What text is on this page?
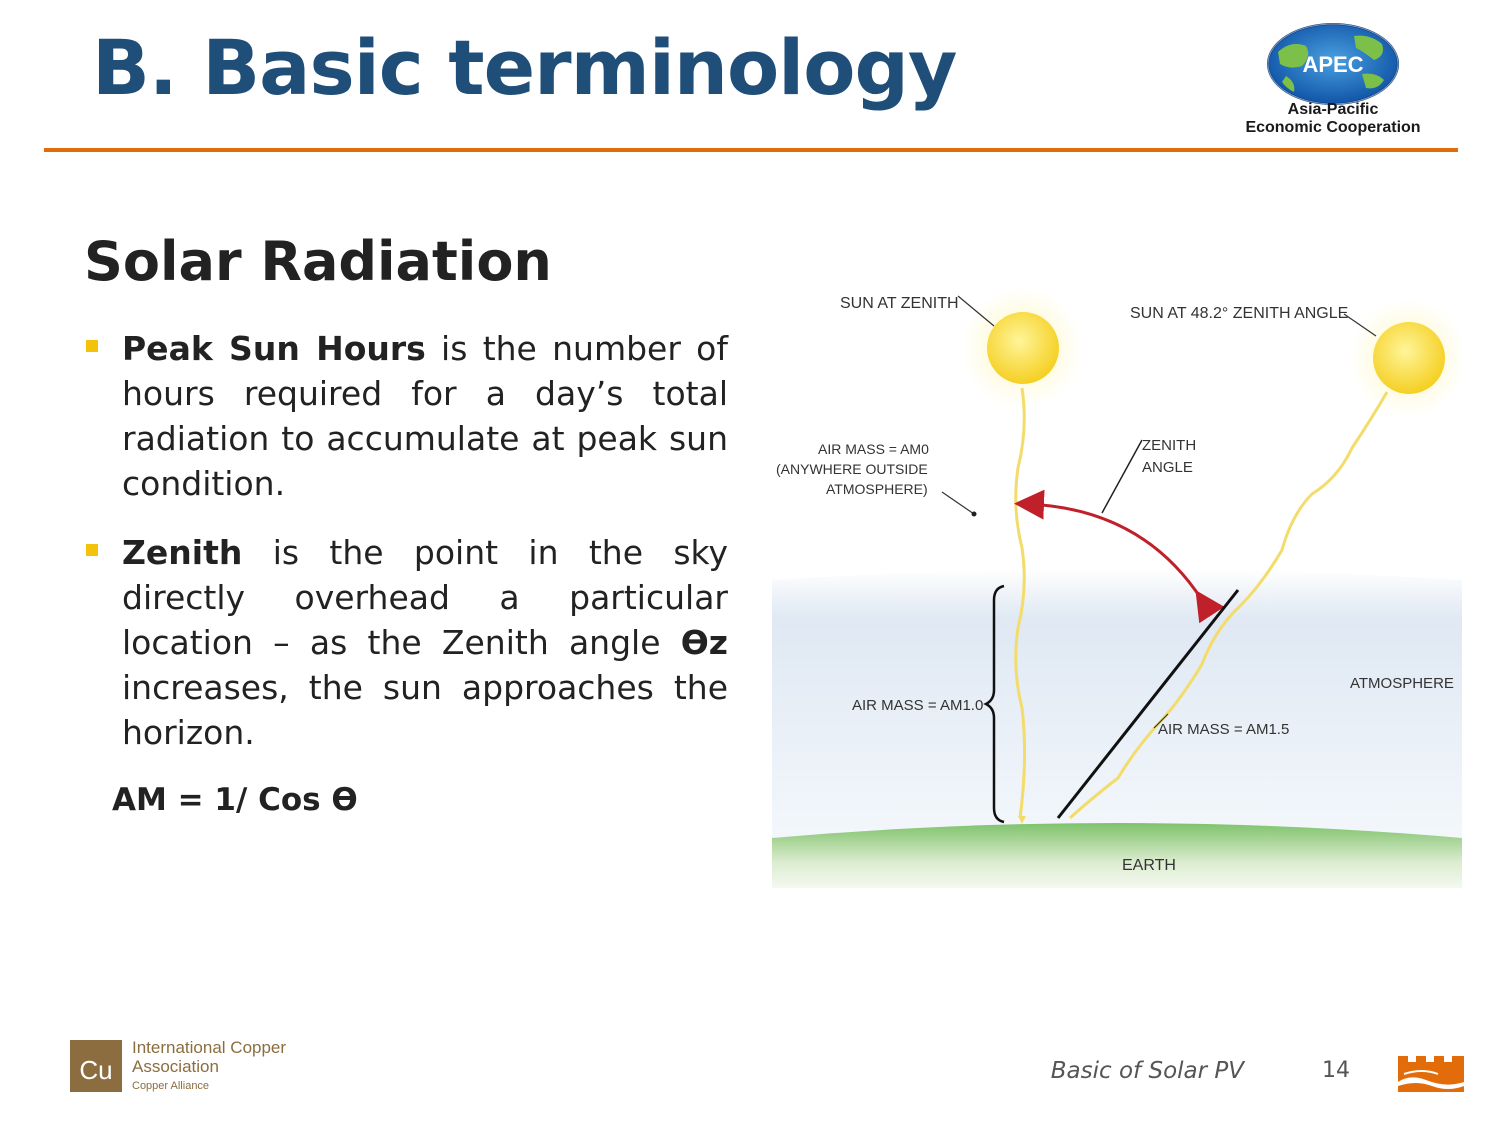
B. Basic terminology	APEC
Asia-Pacific
Economic Cooperation
Solar Radiation
Peak Sun Hours is the number of hours required for a day’s total radiation to accumulate at peak sun condition.
Zenith is the point in the sky directly overhead a particular location – as the Zenith angle Ɵz increases, the sun approaches the horizon.

AM = 1/ Cos Ɵ

SUN AT ZENITH
SUN AT 48.2° ZENITH ANGLE
AIR MASS = AM0
(ANYWHERE OUTSIDE
ATMOSPHERE)
ZENITH
ANGLE
ATMOSPHERE
AIR MASS = AM1.0
AIR MASS = AM1.5
EARTH
Cu
International Copper
Association
Copper Alliance
Basic of Solar PV	14
